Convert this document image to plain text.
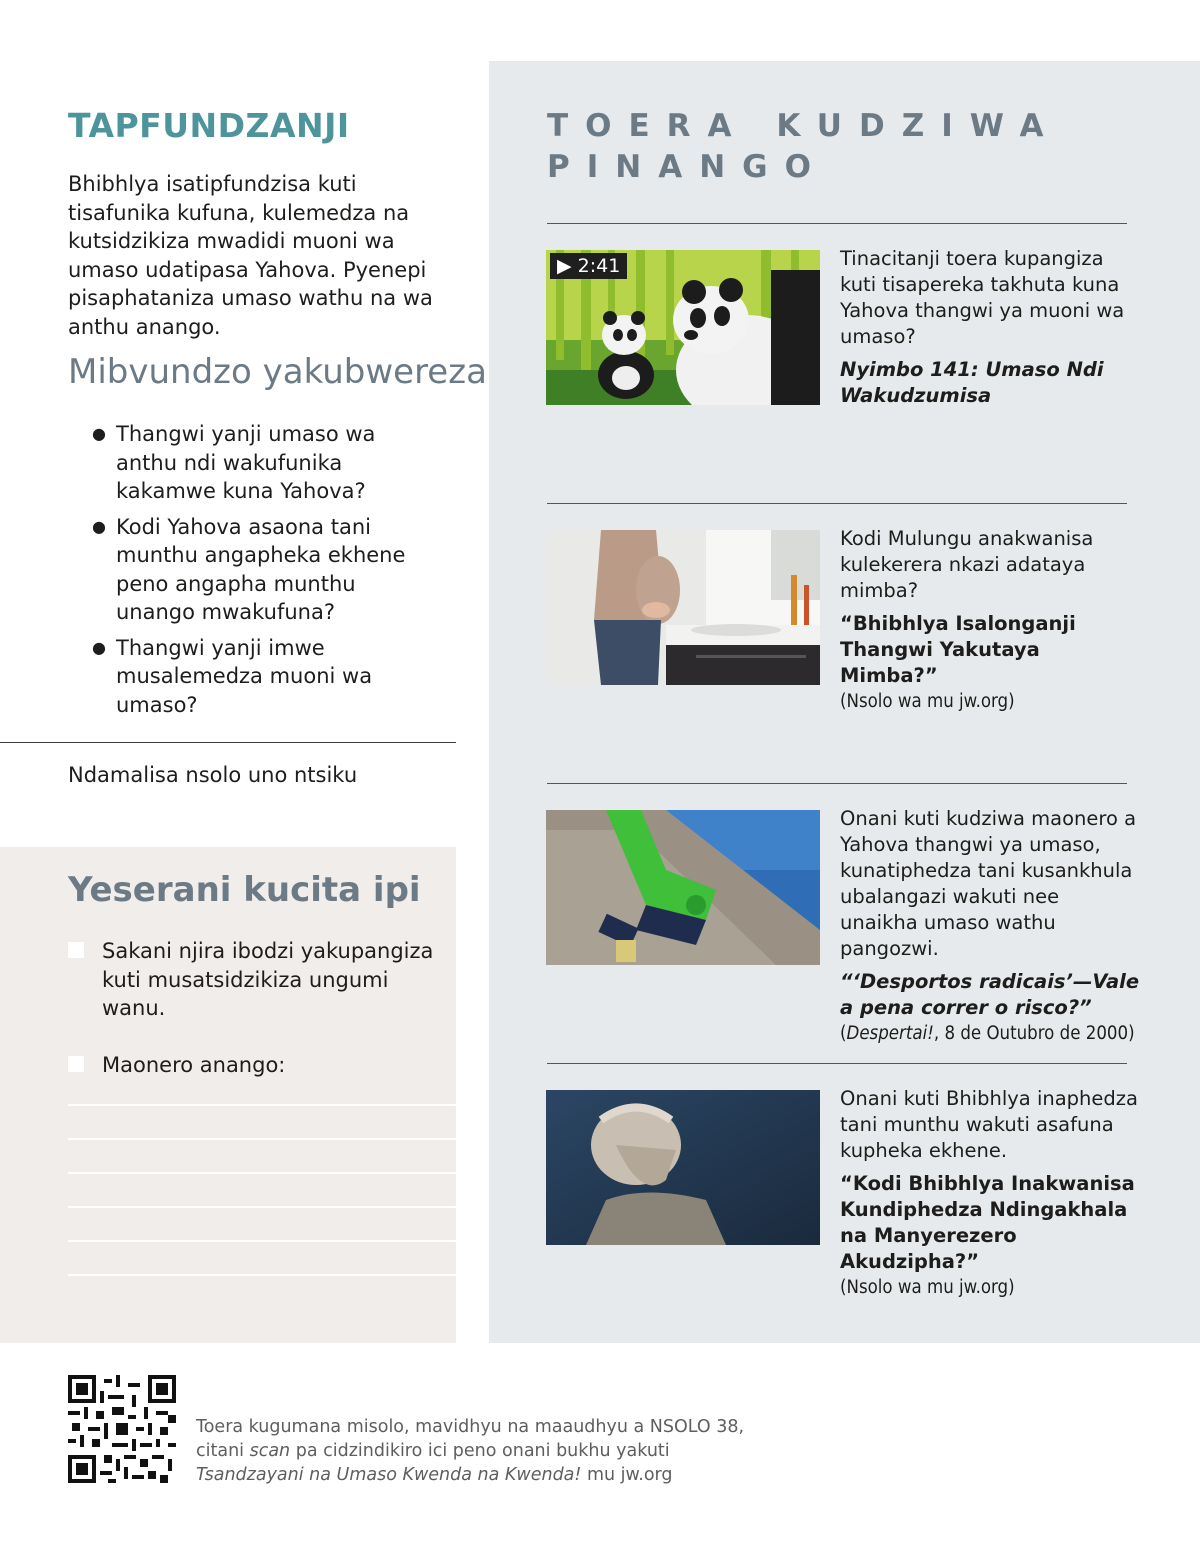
TAPFUNDZANJI

Bhibhlya isatipfundzisa kuti tisafunika kufuna, kulemedza na kutsidzikiza mwadidi muoni wa umaso udatipasa Yahova. Pyenepi pisaphataniza umaso wathu na wa anthu anango.

Mibvundzo yakubwereza
● Thangwi yanji umaso wa anthu ndi wakufunika kakamwe kuna Yahova?
● Kodi Yahova asaona tani munthu angapheka ekhene peno angapha munthu unango mwakufuna?
● Thangwi yanji imwe musalemedza muoni wa umaso?
Ndamalisa nsolo uno ntsiku
Yeserani kucita ipi
Sakani njira ibodzi yakupangiza kuti musatsidzikiza ungumi wanu.
Maonero anango:
TOERA KUDZIWA PINANGO
▶ 2:41	Tinacitanji toera kupangiza kuti tisapereka takhuta kuna Yahova thangwi ya muoni wa umaso?

Nyimbo 141: Umaso Ndi Wakudzumisa

Kodi Mulungu anakwanisa kulekerera nkazi adataya mimba?

“Bhibhlya Isalonganji Thangwi Yakutaya Mimba?”

(Nsolo wa mu jw.org)

Onani kuti kudziwa maonero a Yahova thangwi ya umaso, kunatiphedza tani kusankhula ubalangazi wakuti nee unaikha umaso wathu pangozwi.

“‘Desportos radicais’—Vale a pena correr o risco?”

(Despertai!, 8 de Outubro de 2000)

Onani kuti Bhibhlya inaphedza tani munthu wakuti asafuna kupheka ekhene.

“Kodi Bhibhlya Inakwanisa Kundiphedza Ndingakhala na Manyerezero Akudzipha?”

(Nsolo wa mu jw.org)

Toera kugumana misolo, mavidhyu na maaudhyu a NSOLO 38,
citani scan pa cidzindikiro ici peno onani bukhu yakuti
Tsandzayani na Umaso Kwenda na Kwenda! mu jw.org
